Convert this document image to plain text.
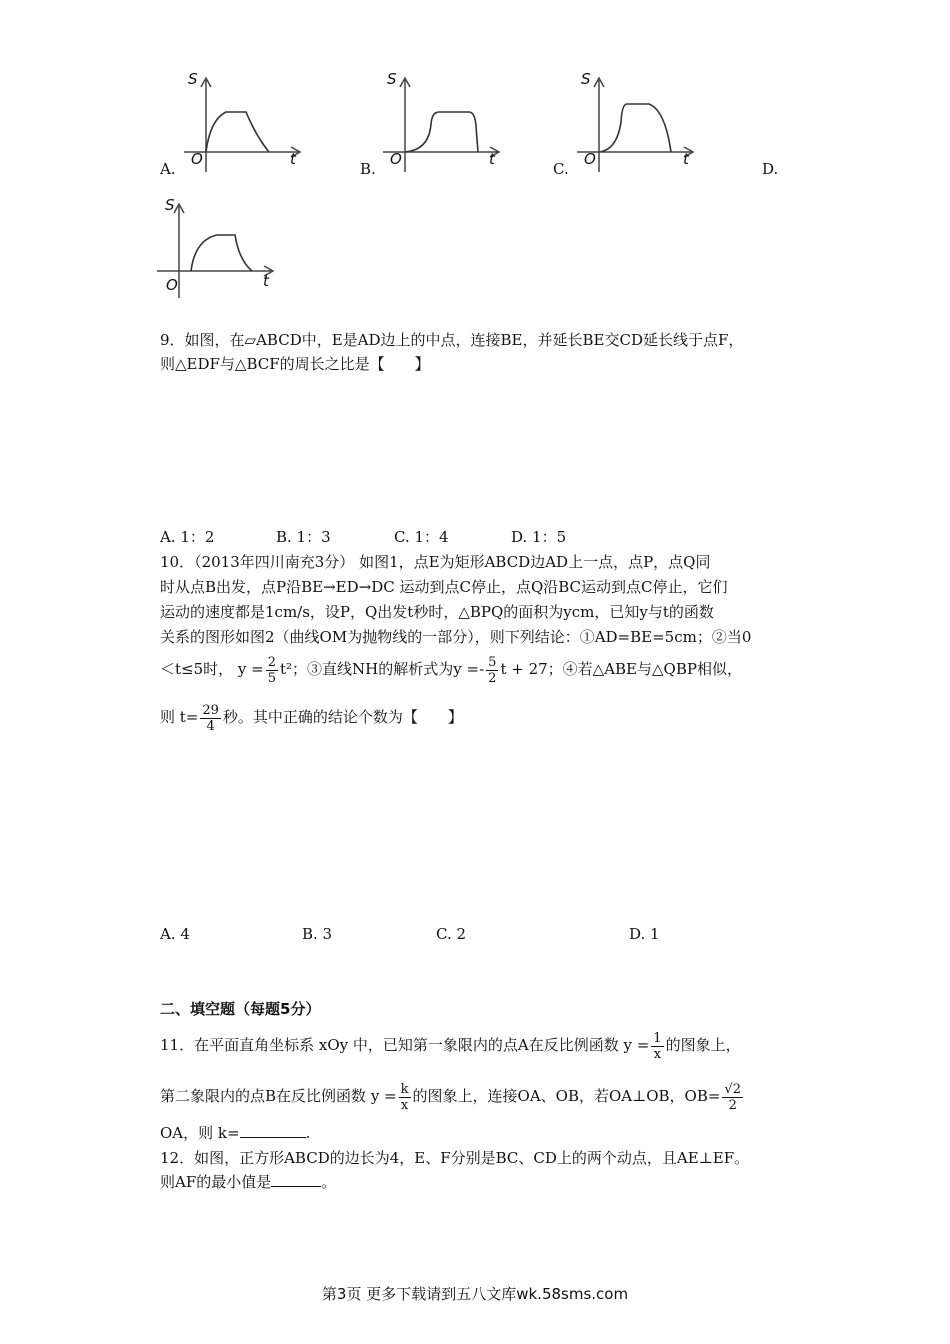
S
t
O
A.
S
t
O
B.
S
t
O
C.	D.
S
t
O
9．如图，在▱ABCD中，E是AD边上的中点，连接BE，并延长BE交CD延长线于点F，
则△EDF与△BCF的周长之比是【　　】
A. 1：2	B. 1：3	C. 1：4	D. 1：5
10．（2013年四川南充3分） 如图1，点E为矩形ABCD边AD上一点，点P，点Q同
时从点B出发，点P沿BE→ED→DC 运动到点C停止，点Q沿BC运动到点C停止，它们
运动的速度都是1cm/s，设P，Q出发t秒时，△BPQ的面积为ycm，已知y与t的函数
关系的图形如图2（曲线OM为抛物线的一部分），则下列结论：①AD=BE=5cm；②当0
＜t≤5时， $y = \frac{2}{5} t^2$；③直线NH的解析式为$y =- \frac{5}{2}$ t + 27；④若△ABE与△QBP相似，
则 $t= \frac{29}{4}$ 秒。其中正确的结论个数为【　　】
A. 4	B. 3	C. 2	D. 1
二、填空题（每题5分）
11．在平面直角坐标系 xOy 中，已知第一象限内的点A在反比例函数 $y = \frac{1}{x}$ 的图象上，
第二象限内的点B在反比例函数 $y = \frac{k}{x}$ 的图象上，连接OA、OB，若OA⊥OB，$OB= \frac{√2}{2}$
OA，则 k=	.
12．如图，正方形ABCD的边长为4，E、F分别是BC、CD上的两个动点，且AE⊥EF。
则AF的最小值是	。
第3页 更多下载请到五八文库wk.58sms.com
